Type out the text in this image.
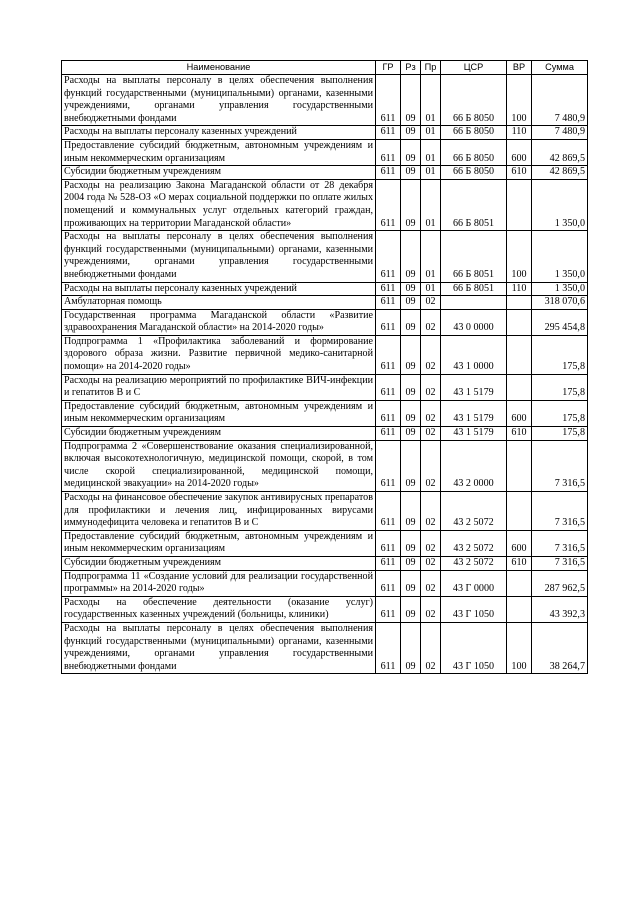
Наименование	ГР	Рз	Пр	ЦСР	ВР	Сумма
Расходы на выплаты персоналу в целях обеспечения выполнения функций государственными (муниципальными) органами, казенными учреждениями, органами управления государственными внебюджетными фондами	611	09	01	66 Б 8050	100	7 480,9
Расходы на выплаты персоналу казенных учреждений	611	09	01	66 Б 8050	110	7 480,9
Предоставление субсидий бюджетным, автономным учреждениям и иным некоммерческим организациям	611	09	01	66 Б 8050	600	42 869,5
Субсидии бюджетным учреждениям	611	09	01	66 Б 8050	610	42 869,5
Расходы на реализацию Закона Магаданской области от 28 декабря 2004 года № 528-ОЗ «О мерах социальной поддержки по оплате жилых помещений и коммунальных услуг отдельных категорий граждан, проживающих на территории Магаданской области»	611	09	01	66 Б 8051		1 350,0
Расходы на выплаты персоналу в целях обеспечения выполнения функций государственными (муниципальными) органами, казенными учреждениями, органами управления государственными внебюджетными фондами	611	09	01	66 Б 8051	100	1 350,0
Расходы на выплаты персоналу казенных учреждений	611	09	01	66 Б 8051	110	1 350,0
Амбулаторная помощь	611	09	02			318 070,6
Государственная программа Магаданской области «Развитие здравоохранения Магаданской области» на 2014-2020 годы»	611	09	02	43 0 0000		295 454,8
Подпрограмма 1 «Профилактика заболеваний и формирование здорового образа жизни. Развитие первичной медико-санитарной помощи» на 2014-2020 годы»	611	09	02	43 1 0000		175,8
Расходы на реализацию мероприятий по профилактике ВИЧ-инфекции и гепатитов В и С	611	09	02	43 1 5179		175,8
Предоставление субсидий бюджетным, автономным учреждениям и иным некоммерческим организациям	611	09	02	43 1 5179	600	175,8
Субсидии бюджетным учреждениям	611	09	02	43 1 5179	610	175,8
Подпрограмма 2 «Совершенствование оказания специализированной, включая высокотехнологичную, медицинской помощи, скорой, в том числе скорой специализированной, медицинской помощи, медицинской эвакуации» на 2014-2020 годы»	611	09	02	43 2 0000		7 316,5
Расходы на финансовое обеспечение закупок антивирусных препаратов для профилактики и лечения лиц, инфицированных вирусами иммунодефицита человека и гепатитов В и С	611	09	02	43 2 5072		7 316,5
Предоставление субсидий бюджетным, автономным учреждениям и иным некоммерческим организациям	611	09	02	43 2 5072	600	7 316,5
Субсидии бюджетным учреждениям	611	09	02	43 2 5072	610	7 316,5
Подпрограмма 11 «Создание условий для реализации государственной программы» на 2014-2020 годы»	611	09	02	43 Г 0000		287 962,5
Расходы на обеспечение деятельности (оказание услуг) государственных казенных учреждений (больницы, клиники)	611	09	02	43 Г 1050		43 392,3
Расходы на выплаты персоналу в целях обеспечения выполнения функций государственными (муниципальными) органами, казенными учреждениями, органами управления государственными внебюджетными фондами	611	09	02	43 Г 1050	100	38 264,7
